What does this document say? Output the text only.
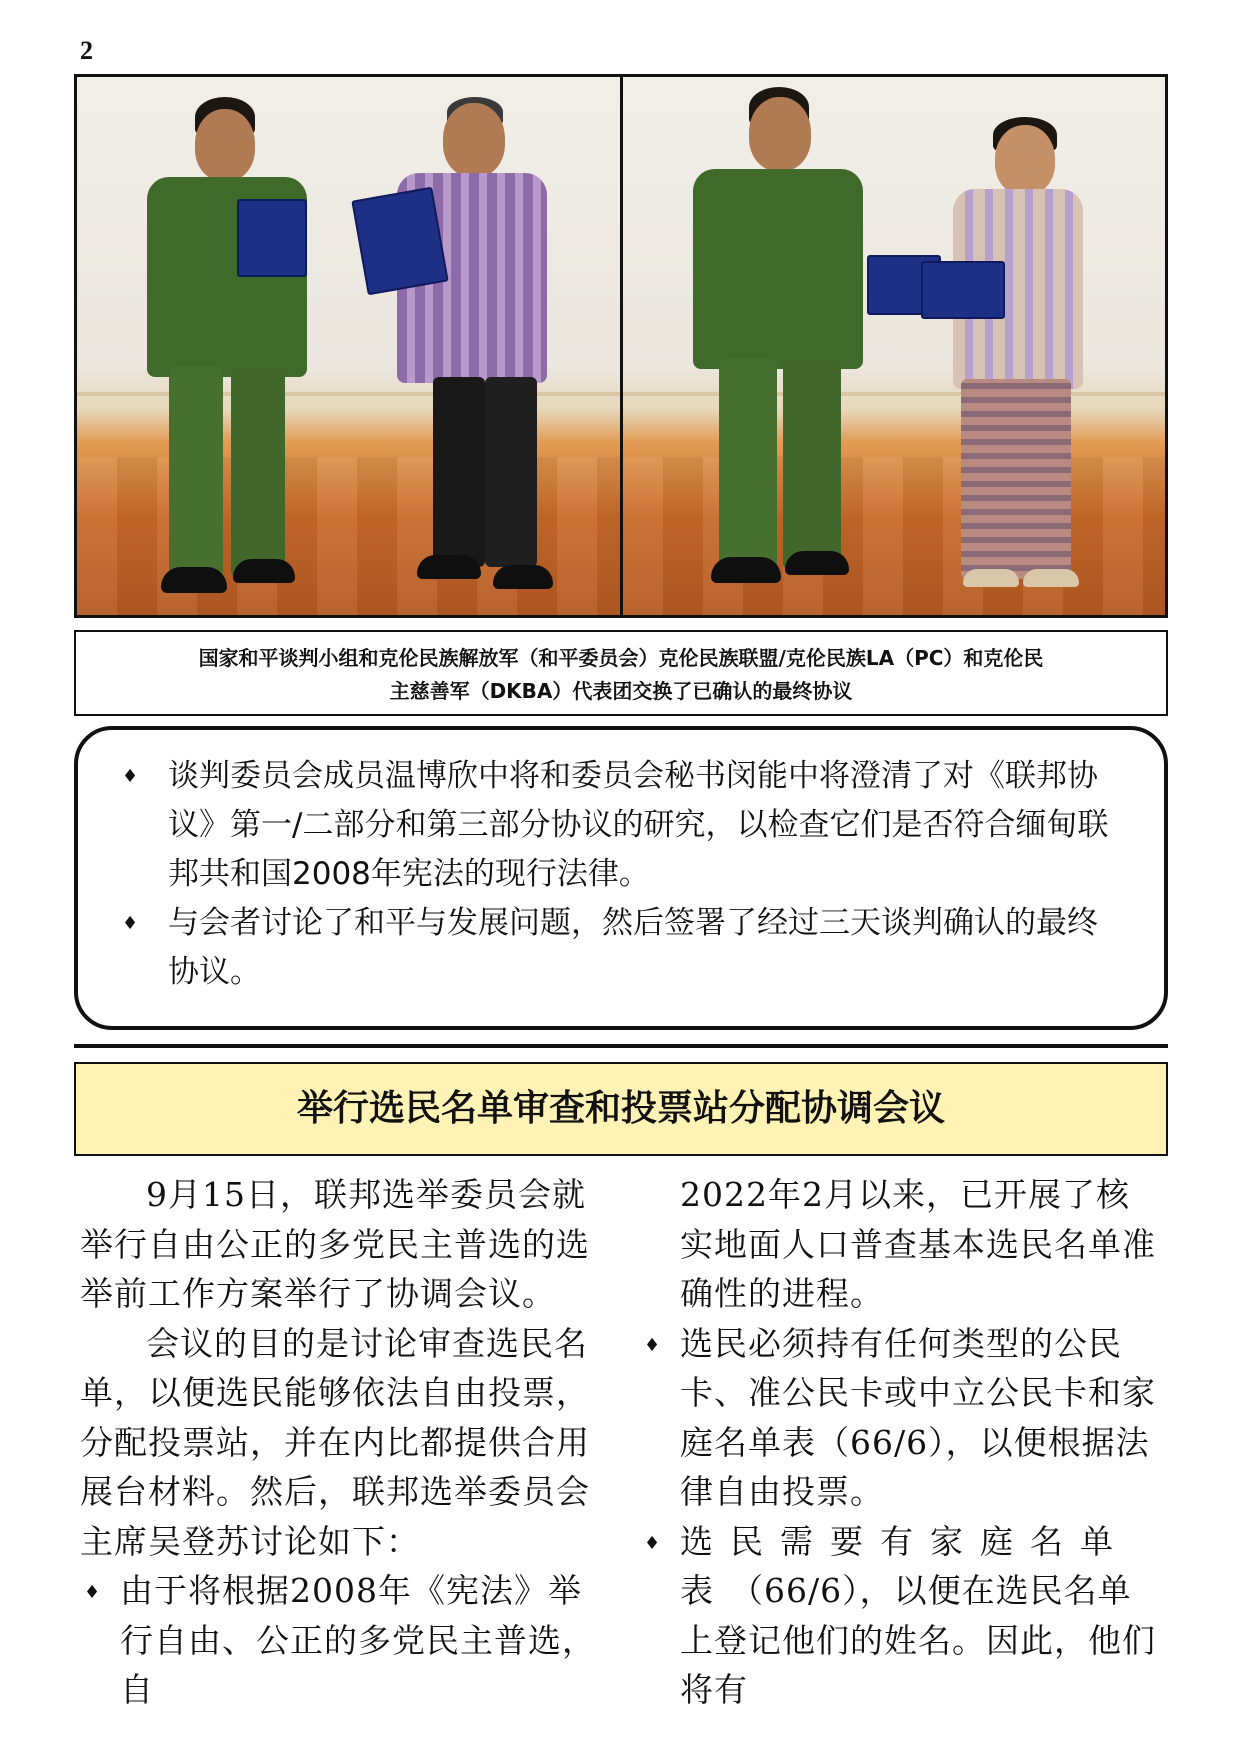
2
国家和平谈判小组和克伦民族解放军（和平委员会）克伦民族联盟/克伦民族LA（PC）和克伦民
主慈善军（DKBA）代表团交换了已确认的最终协议

♦ 谈判委员会成员温博欣中将和委员会秘书闵能中将澄清了对《联邦协议》第一/二部分和第三部分协议的研究，以检查它们是否符合缅甸联邦共和国2008年宪法的现行法律。

♦ 与会者讨论了和平与发展问题，然后签署了经过三天谈判确认的最终协议。

举行选民名单审查和投票站分配协调会议

9月15日，联邦选举委员会就举行自由公正的多党民主普选的选举前工作方案举行了协调会议。

会议的目的是讨论审查选民名单，以便选民能够依法自由投票，分配投票站，并在内比都提供合用展台材料。然后，联邦选举委员会主席吴登苏讨论如下：

♦ 由于将根据2008年《宪法》举行自由、公正的多党民主普选，自

2022年2月以来，已开展了核实地面人口普查基本选民名单准确性的进程。

♦ 选民必须持有任何类型的公民卡、准公民卡或中立公民卡和家庭名单表（66/6），以便根据法律自由投票。

♦ 选民需要有家庭名单表（66/6），以便在选民名单上登记他们的姓名。因此，他们将有
